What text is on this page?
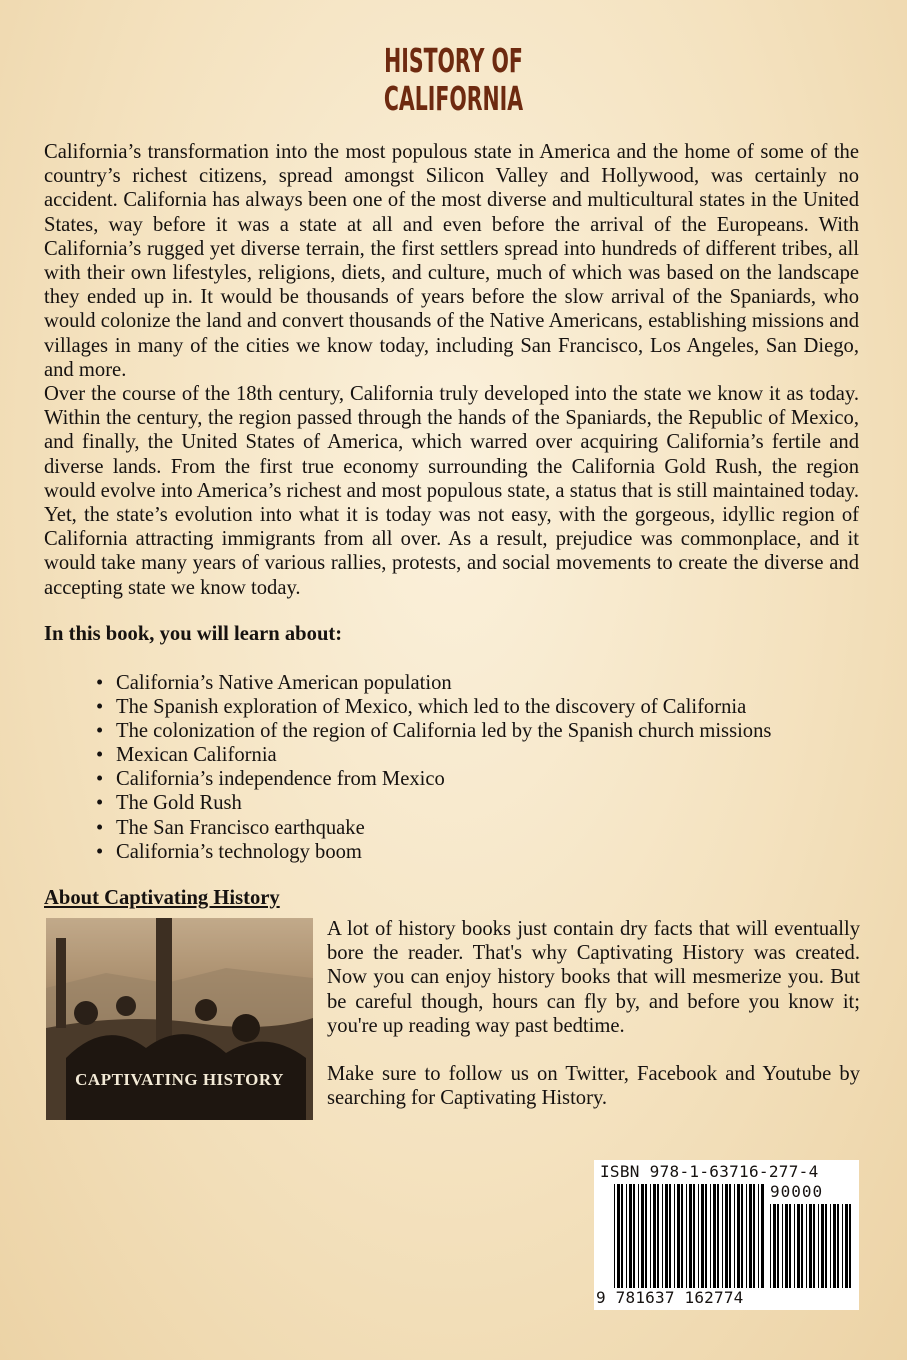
HISTORY OF
CALIFORNIA

California’s transformation into the most populous state in America and the home of some of the country’s richest citizens, spread amongst Silicon Valley and Hollywood, was certainly no accident. California has always been one of the most diverse and multicultural states in the United States, way before it was a state at all and even before the arrival of the Europeans. With California’s rugged yet diverse terrain, the first settlers spread into hundreds of different tribes, all with their own lifestyles, religions, diets, and culture, much of which was based on the landscape they ended up in. It would be thousands of years before the slow arrival of the Spaniards, who would colonize the land and convert thousands of the Native Americans, establishing missions and villages in many of the cities we know today, including San Francisco, Los Angeles, San Diego, and more.

Over the course of the 18th century, California truly developed into the state we know it as today. Within the century, the region passed through the hands of the Spaniards, the Republic of Mexico, and finally, the United States of America, which warred over acquiring California’s fertile and diverse lands. From the first true economy surrounding the California Gold Rush, the region would evolve into America’s richest and most populous state, a status that is still maintained today. Yet, the state’s evolution into what it is today was not easy, with the gorgeous, idyllic region of California attracting immigrants from all over. As a result, prejudice was commonplace, and it would take many years of various rallies, protests, and social movements to create the diverse and accepting state we know today.

In this book, you will learn about:
• California’s Native American population
• The Spanish exploration of Mexico, which led to the discovery of California
• The colonization of the region of California led by the Spanish church missions
• Mexican California
• California’s independence from Mexico
• The Gold Rush
• The San Francisco earthquake
• California’s technology boom
About Captivating History
CAPTIVATING HISTORY

A lot of history books just contain dry facts that will eventually bore the reader. That's why Captivating History was created. Now you can enjoy history books that will mesmerize you. But be careful though, hours can fly by, and before you know it; you're up reading way past bedtime.

Make sure to follow us on Twitter, Facebook and Youtube by searching for Captivating History.

ISBN 978-1-63716-277-4
90000
9 781637 162774
